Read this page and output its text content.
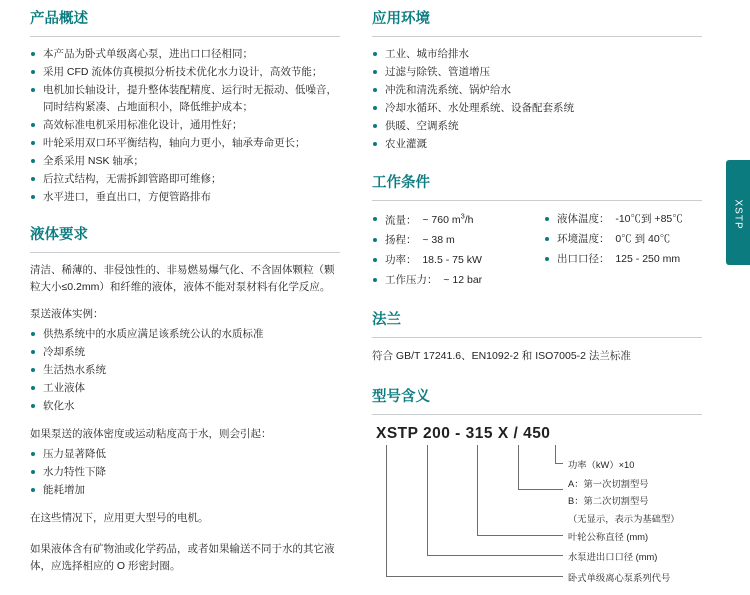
XSTP
产品概述
本产品为卧式单级离心泵，进出口口径相同；
采用 CFD 流体仿真模拟分析技术优化水力设计，高效节能；
电机加长轴设计，提升整体装配精度、运行时无振动、低噪音，同时结构紧凑、占地面积小，降低维护成本；
高效标准电机采用标准化设计，通用性好；
叶轮采用双口环平衡结构，轴向力更小，轴承寿命更长；
全系采用 NSK 轴承；
后拉式结构，无需拆卸管路即可维修；
水平进口，垂直出口，方便管路排布
液体要求

清洁、稀薄的、非侵蚀性的、非易燃易爆气化、不含固体颗粒（颗粒大小≤0.2mm）和纤维的液体，液体不能对泵材料有化学反应。

泵送液体实例：

供热系统中的水质应满足该系统公认的水质标准
冷却系统
生活热水系统
工业液体
软化水

如果泵送的液体密度或运动粘度高于水，则会引起：

压力显著降低
水力特性下降
能耗增加

在这些情况下，应用更大型号的电机。

如果液体含有矿物油或化学药品，或者如果输送不同于水的其它液体，应选择相应的 O 形密封圈。

应用环境
工业、城市给排水
过滤与除铁、管道增压
冲洗和清洗系统、锅炉给水
冷却水循环、水处理系统、设备配套系统
供暖、空调系统
农业灌溉
工作条件
流量： ~ 760 $m^3/h$
扬程： ~ 38 m
功率： 18.5 - 75 kW
工作压力： ~ 12 bar
液体温度： -10℃到 +85℃
环境温度： 0℃ 到 40℃
出口口径： 125 - 250 mm
法兰

符合 GB/T 17241.6、EN1092-2 和 ISO7005-2 法兰标准

型号含义
XSTP 200 - 315 X / 450
功率（kW）×10
A：第一次切割型号
B：第二次切割型号
（无显示，表示为基础型）
叶轮公称直径 (mm)
水泵进出口口径 (mm)
卧式单级离心泵系列代号
